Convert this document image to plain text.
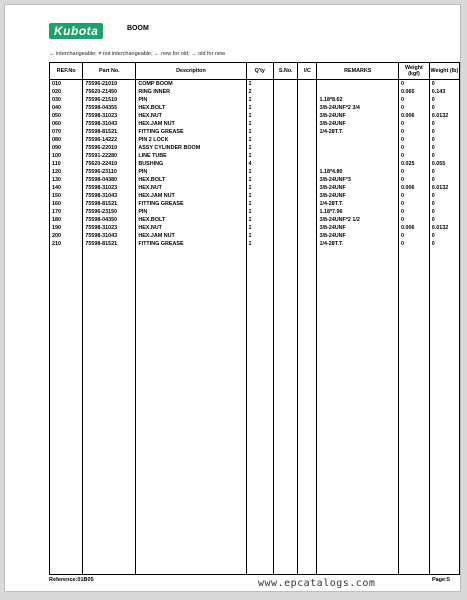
Kubota	BOOM
↔ interchangeable; ≠ not interchangeable; ← new for old; → old for new
REF.No	Part No.	Description	Q'ty	S.No.	I/C	REMARKS	Weight (kgf)	Weight (lb)
010	75596-21010	COMP BOOM	1				0	0
020	75620-21450	RING INNER	2				0.065	0.143
030	75596-21510	PIN	1			1.18*8.62	0	0
040	75598-04355	HEX.BOLT	1			3/8-24UNF*2 3/4	0	0
050	75598-31023	HEX.NUT	1			3/8-24UNF	0.006	0.0132
060	75598-31043	HEX.JAM NUT	1			3/8-24UNF	0	0
070	75598-81521	FITTING GREASE	1			1/4-28T.T.	0	0
080	75596-14222	PIN 2 LOCK	1				0	0
090	75596-22010	ASSY CYLINDER BOOM	1				0	0
100	75591-22280	LINE TUBE	1				0	0
110	75620-22410	BUSHING	4				0.025	0.055
120	75596-23110	PIN	1			1.18*4.80	0	0
130	75598-04380	HEX.BOLT	1			3/8-24UNF*3	0	0
140	75598-31023	HEX.NUT	1			3/8-24UNF	0.006	0.0132
150	75598-31043	HEX.JAM NUT	1			3/8-24UNF	0	0
160	75598-81521	FITTING GREASE	1			1/4-28T.T.	0	0
170	75596-23150	PIN	1			1.18*7.96	0	0
180	75598-04350	HEX.BOLT	1			3/8-24UNF*2 1/2	0	0
190	75598-31023	HEX.NUT	1			3/8-24UNF	0.006	0.0132
200	75598-31043	HEX.JAM NUT	1			3/8-24UNF	0	0
210	75598-81521	FITTING GREASE	1			1/4-28T.T.	0	0

Reference:01B05	Page:5
www.epcatalogs.com
